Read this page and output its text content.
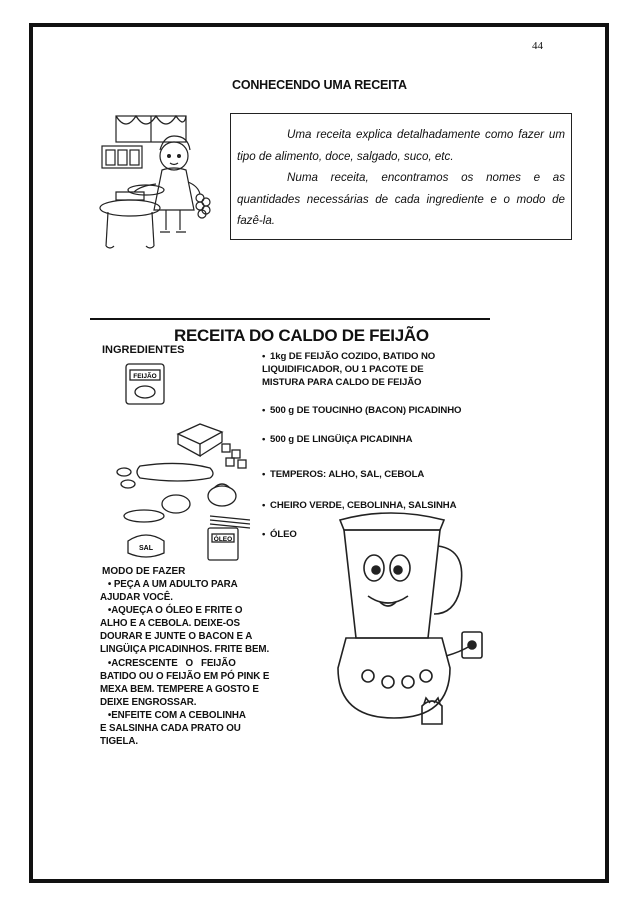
44
CONHECENDO UMA RECEITA

Uma receita explica detalhadamente como fazer um tipo de alimento, doce, salgado, suco, etc.

Numa receita, encontramos os nomes e as quantidades necessárias de cada ingrediente e o modo de fazê-la.

RECEITA DO CALDO DE FEIJÃO
INGREDIENTES
• 1kg DE FEIJÃO COZIDO, BATIDO NO
LIQUIDIFICADOR, OU 1 PACOTE DE
MISTURA PARA CALDO DE FEIJÃO
• 500 g DE TOUCINHO (BACON) PICADINHO
• 500 g DE LINGÜIÇA PICADINHA
• TEMPEROS: ALHO, SAL, CEBOLA
• CHEIRO VERDE, CEBOLINHA, SALSINHA
• ÓLEO
FEIJÃO
SAL
ÓLEO
MODO DE FAZER
• PEÇA A UM ADULTO PARA
AJUDAR VOCÊ.
•AQUEÇA O ÓLEO E FRITE O
ALHO E A CEBOLA. DEIXE-OS
DOURAR E JUNTE O BACON E A
LINGÜIÇA PICADINHOS. FRITE BEM.
•ACRESCENTE   O   FEIJÃO
BATIDO OU O FEIJÃO EM PÓ PINK E
MEXA BEM. TEMPERE A GOSTO E
DEIXE ENGROSSAR.
•ENFEITE COM A CEBOLINHA
E SALSINHA CADA PRATO OU
TIGELA.
